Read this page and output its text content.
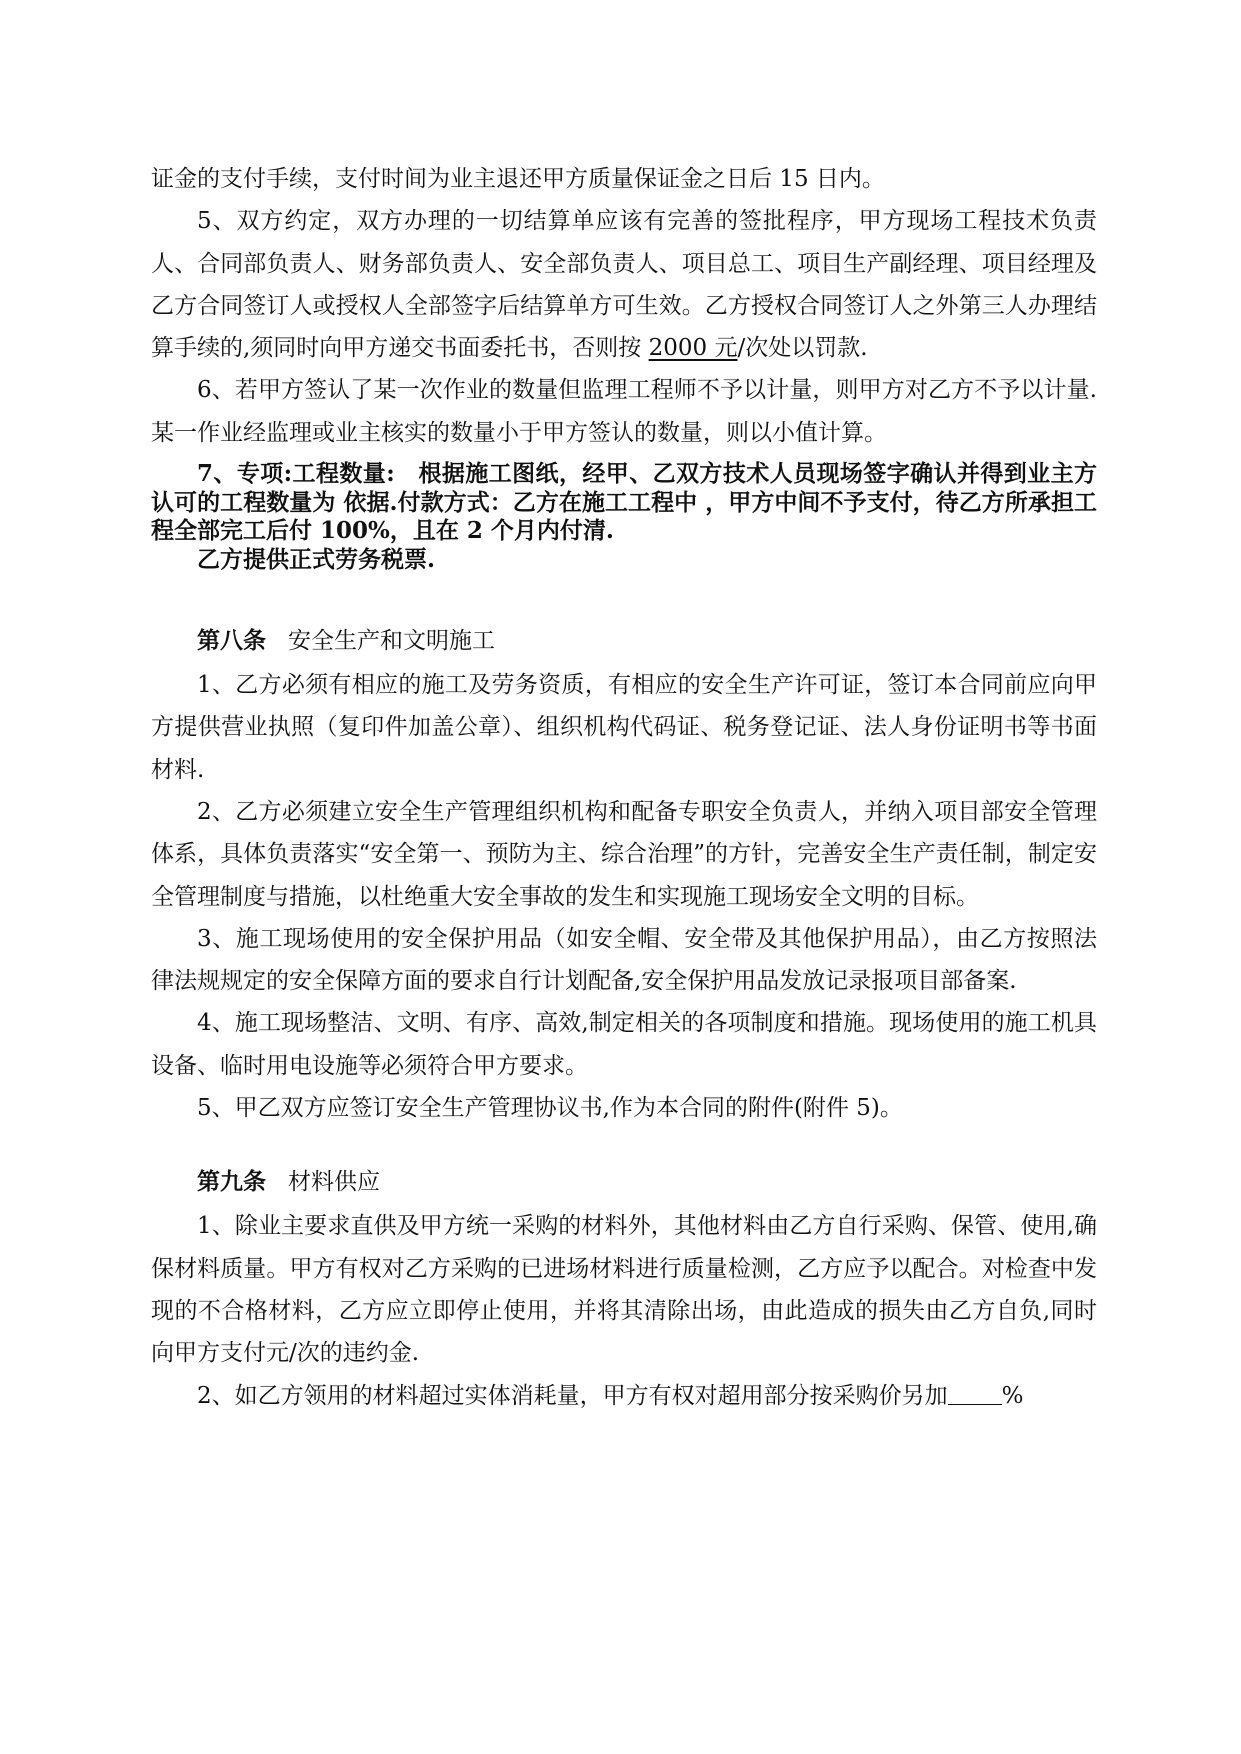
证金的支付手续，支付时间为业主退还甲方质量保证金之日后 15 日内。

5、双方约定，双方办理的一切结算单应该有完善的签批程序，甲方现场工程技术负责人、合同部负责人、财务部负责人、安全部负责人、项目总工、项目生产副经理、项目经理及乙方合同签订人或授权人全部签字后结算单方可生效。乙方授权合同签订人之外第三人办理结算手续的,须同时向甲方递交书面委托书，否则按 2000 元/次处以罚款.

6、若甲方签认了某一次作业的数量但监理工程师不予以计量，则甲方对乙方不予以计量.某一作业经监理或业主核实的数量小于甲方签认的数量，则以小值计算。

7、专项:工程数量:　根据施工图纸，经甲、乙双方技术人员现场签字确认并得到业主方认可的工程数量为 依据.付款方式：乙方在施工工程中 ，甲方中间不予支付，待乙方所承担工程全部完工后付 100%，且在 2 个月内付清.

乙方提供正式劳务税票.

第八条 安全生产和文明施工

1、乙方必须有相应的施工及劳务资质，有相应的安全生产许可证，签订本合同前应向甲方提供营业执照（复印件加盖公章）、组织机构代码证、税务登记证、法人身份证明书等书面材料.

2、乙方必须建立安全生产管理组织机构和配备专职安全负责人，并纳入项目部安全管理体系，具体负责落实“安全第一、预防为主、综合治理”的方针，完善安全生产责任制，制定安全管理制度与措施，以杜绝重大安全事故的发生和实现施工现场安全文明的目标。

3、施工现场使用的安全保护用品（如安全帽、安全带及其他保护用品），由乙方按照法律法规规定的安全保障方面的要求自行计划配备,安全保护用品发放记录报项目部备案.

4、施工现场整洁、文明、有序、高效,制定相关的各项制度和措施。现场使用的施工机具设备、临时用电设施等必须符合甲方要求。

5、甲乙双方应签订安全生产管理协议书,作为本合同的附件(附件 5)。

第九条 材料供应

1、除业主要求直供及甲方统一采购的材料外，其他材料由乙方自行采购、保管、使用,确保材料质量。甲方有权对乙方采购的已进场材料进行质量检测，乙方应予以配合。对检查中发现的不合格材料，乙方应立即停止使用，并将其清除出场，由此造成的损失由乙方自负,同时向甲方支付元/次的违约金.

2、如乙方领用的材料超过实体消耗量，甲方有权对超用部分按采购价另加 %
